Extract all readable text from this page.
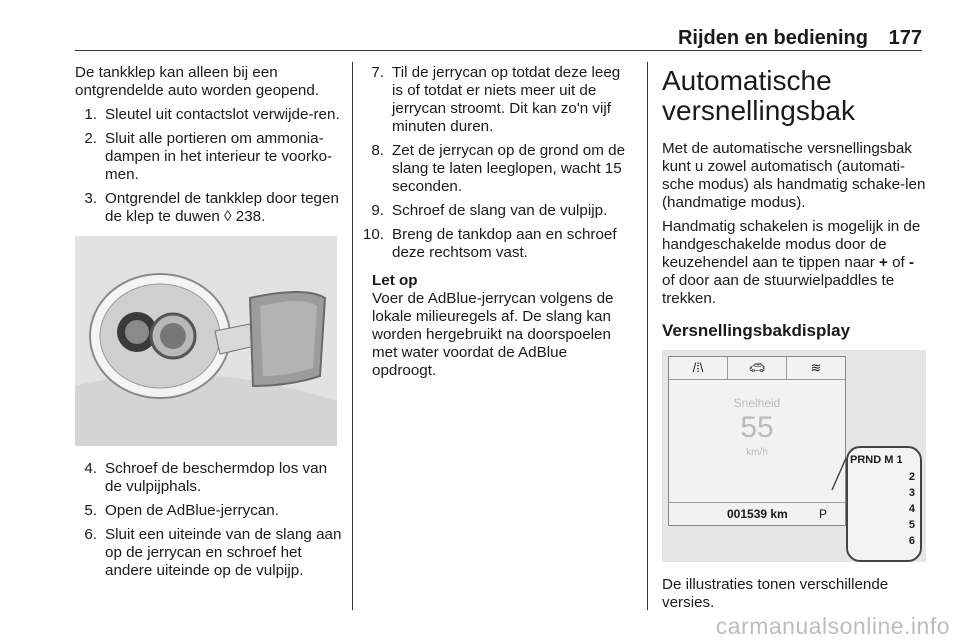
Rijden en bediening 177

De tankklep kan alleen bij een ontgrendelde auto worden geopend.

1. Sleutel uit contactslot verwijde-ren.
2. Sluit alle portieren om ammonia-dampen in het interieur te voorko-men.
3. Ontgrendel de tankklep door tegen de klep te duwen ◊ 238.
4. Schroef de beschermdop los van de vulpijphals.
5. Open de AdBlue-jerrycan.
6. Sluit een uiteinde van de slang aan op de jerrycan en schroef het andere uiteinde op de vulpijp.
7. Til de jerrycan op totdat deze leeg is of totdat er niets meer uit de jerrycan stroomt. Dit kan zo'n vijf minuten duren.
8. Zet de jerrycan op de grond om de slang te laten leeglopen, wacht 15 seconden.
9. Schroef de slang van de vulpijp.
10. Breng de tankdop aan en schroef deze rechtsom vast.
Let op
Voer de AdBlue-jerrycan volgens de lokale milieuregels af. De slang kan worden hergebruikt na doorspoelen met water voordat de AdBlue opdroogt.
Automatische versnellingsbak

Met de automatische versnellingsbak kunt u zowel automatisch (automati-sche modus) als handmatig schake-len (handmatige modus).

Handmatig schakelen is mogelijk in de handgeschakelde modus door de keuzehendel aan te tippen naar + of - of door aan de stuurwielpaddles te trekken.

Versnellingsbakdisplay
/⁞\	🚗︎	≋
Snelheid
55
km/h
001539 km	P
PRND M 1
2
3
4
5
6

De illustraties tonen verschillende versies.

carmanualsonline.info
